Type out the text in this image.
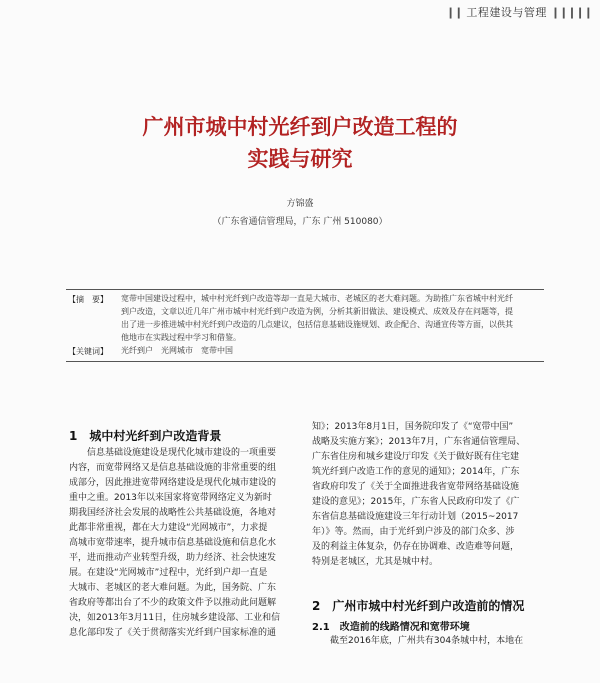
❙❙ 工程建设与管理 ❙❙❙❙❙
广州市城中村光纤到户改造工程的
实践与研究
方锦盛
（广东省通信管理局，广东 广州 510080）
【摘　要】 宽带中国建设过程中，城中村光纤到户改造等却一直是大城市、老城区的老大难问题。为助推广东省城中村光纤
到户改造，文章以近几年广州市城中村光纤到户改造为例，分析其新旧做法、建设模式、成效及存在问题等，提
出了进一步推进城中村光纤到户改造的几点建议，包括信息基础设施规划、政企配合、沟通宣传等方面，以供其
他地市在实践过程中学习和借鉴。
【关键词】 光纤到户　光网城市　宽带中国
1　城中村光纤到户改造背景
　　信息基础设施建设是现代化城市建设的一项重要
内容，而宽带网络又是信息基础设施的非常重要的组
成部分，因此推进宽带网络建设是现代化城市建设的
重中之重。2013年以来国家将宽带网络定义为新时
期我国经济社会发展的战略性公共基础设施，各地对
此都非常重视，都在大力建设“光网城市”，力求提
高城市宽带速率，提升城市信息基础设施和信息化水
平，进而推动产业转型升级，助力经济、社会快速发
展。在建设“光网城市”过程中，光纤到户却一直是
大城市、老城区的老大难问题。为此，国务院、广东
省政府等都出台了不少的政策文件予以推动此问题解
决，如2013年3月11日，住房城乡建设部、工业和信
息化部印发了《关于贯彻落实光纤到户国家标准的通
知》；2013年8月1日，国务院印发了《“宽带中国”
战略及实施方案》；2013年7月，广东省通信管理局、
广东省住房和城乡建设厅印发《关于做好既有住宅建
筑光纤到户改造工作的意见的通知》；2014年，广东
省政府印发了《关于全面推进我省宽带网络基础设施
建设的意见》；2015年，广东省人民政府印发了《广
东省信息基础设施建设三年行动计划（2015~2017
年）》等。然而，由于光纤到户涉及的部门众多、涉
及的利益主体复杂，仍存在协调难、改造难等问题，
特别是老城区，尤其是城中村。
2　广州市城中村光纤到户改造前的情况
2.1　改造前的线路情况和宽带环境
　　截至2016年底，广州共有304条城中村，本地在
